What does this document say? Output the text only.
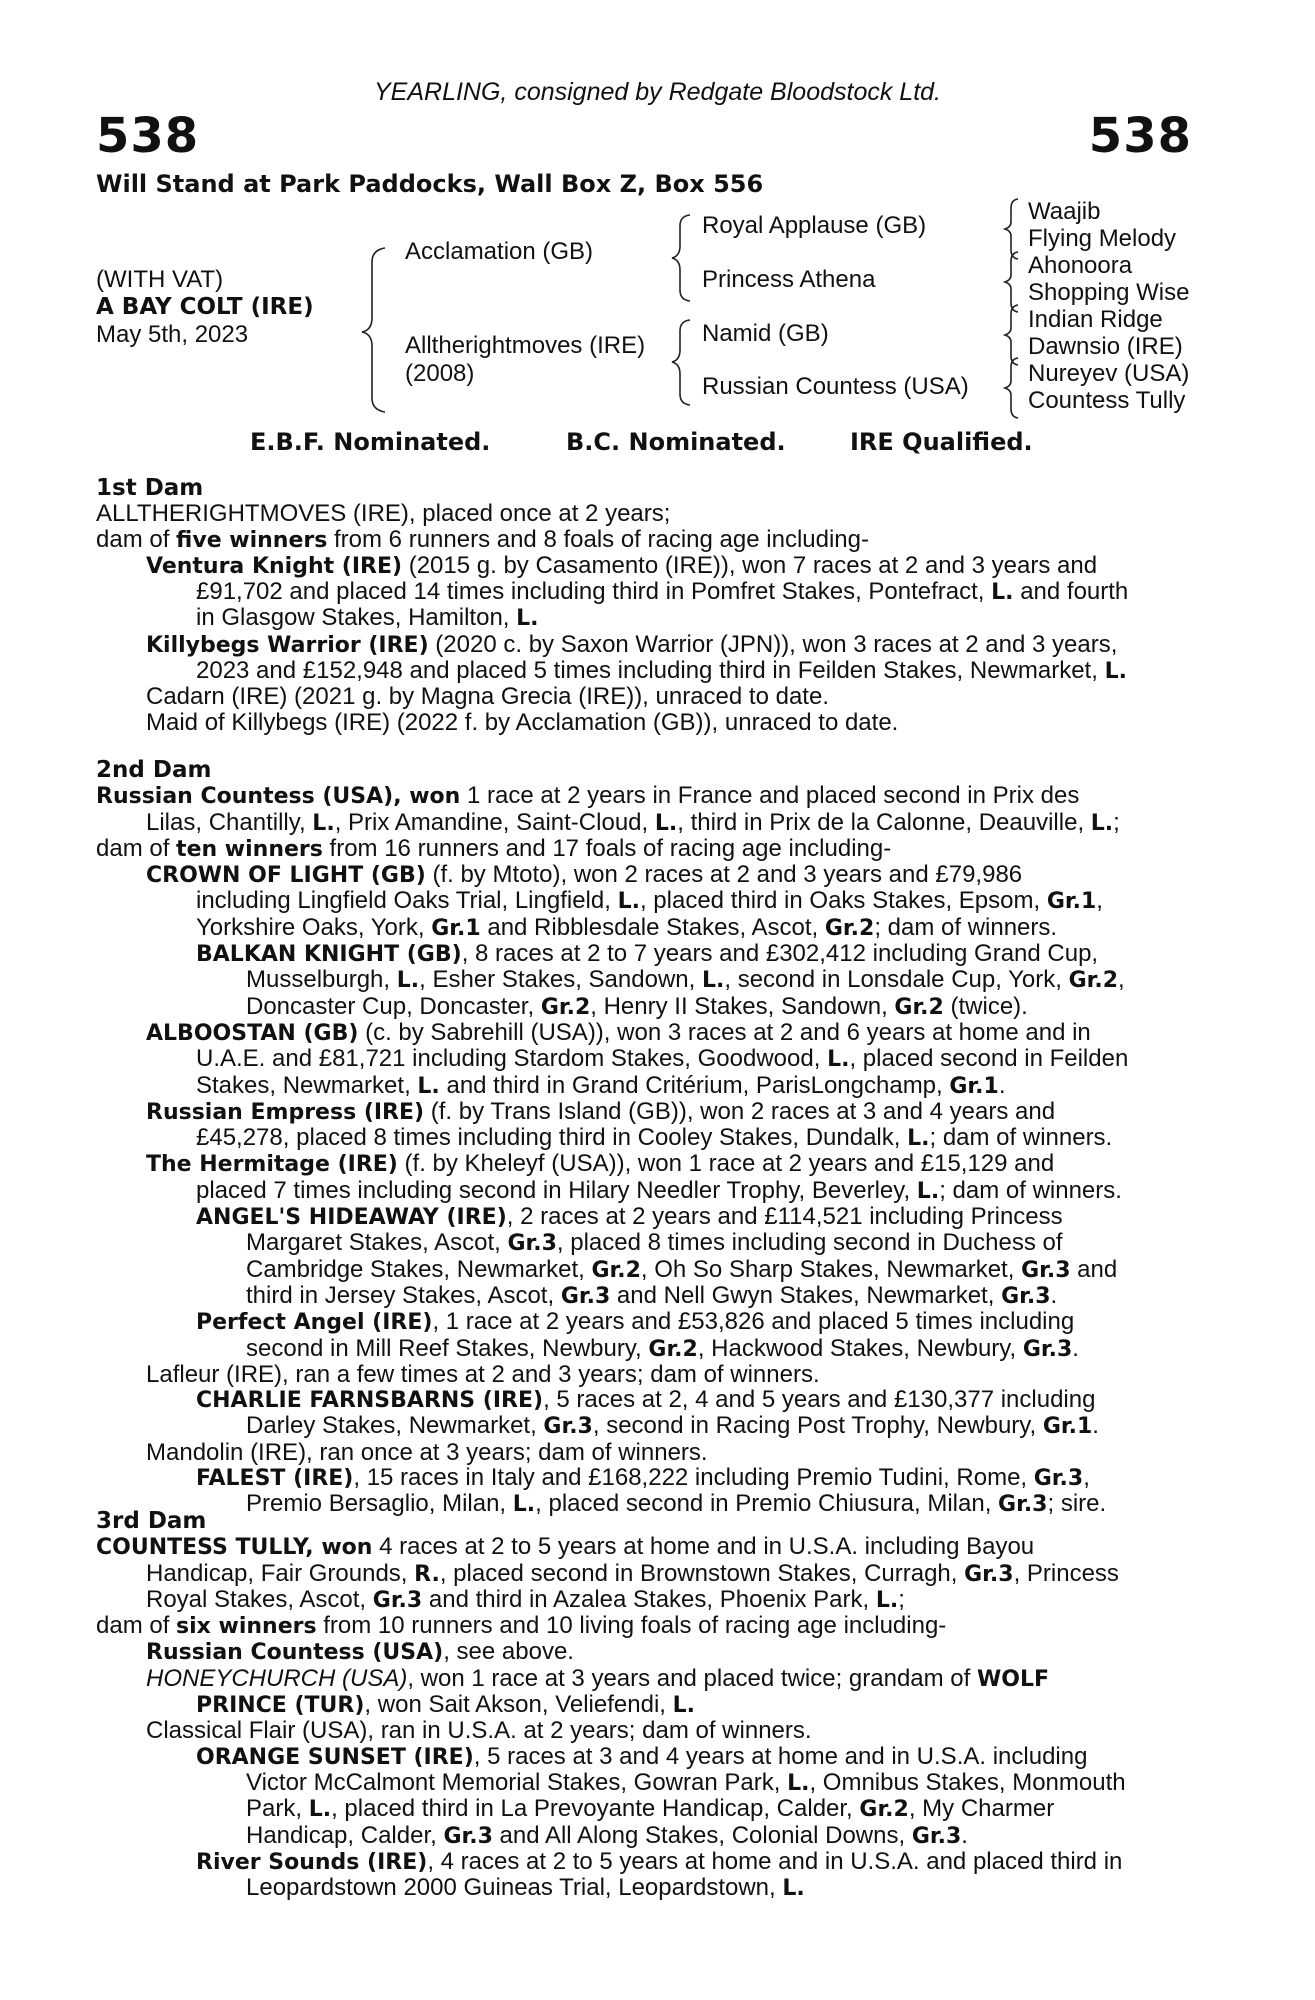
YEARLING, consigned by Redgate Bloodstock Ltd.
538	538
Will Stand at Park Paddocks, Wall Box Z, Box 556
(WITH VAT)
A BAY COLT (IRE)
May 5th, 2023
Acclamation (GB)
Alltherightmoves (IRE)
(2008)
Royal Applause (GB)
Princess Athena
Namid (GB)
Russian Countess (USA)
Waajib
Flying Melody
Ahonoora
Shopping Wise
Indian Ridge
Dawnsio (IRE)
Nureyev (USA)
Countess Tully
E.B.F. Nominated.	B.C. Nominated.	IRE Qualified.
1st Dam

ALLTHERIGHTMOVES (IRE), placed once at 2 years;

dam of five winners from 6 runners and 8 foals of racing age including-

Ventura Knight (IRE) (2015 g. by Casamento (IRE)), won 7 races at 2 and 3 years and

£91,702 and placed 14 times including third in Pomfret Stakes, Pontefract, L. and fourth

in Glasgow Stakes, Hamilton, L.

Killybegs Warrior (IRE) (2020 c. by Saxon Warrior (JPN)), won 3 races at 2 and 3 years,

2023 and £152,948 and placed 5 times including third in Feilden Stakes, Newmarket, L.

Cadarn (IRE) (2021 g. by Magna Grecia (IRE)), unraced to date.

Maid of Killybegs (IRE) (2022 f. by Acclamation (GB)), unraced to date.

2nd Dam

Russian Countess (USA), won 1 race at 2 years in France and placed second in Prix des

Lilas, Chantilly, L., Prix Amandine, Saint-Cloud, L., third in Prix de la Calonne, Deauville, L.;

dam of ten winners from 16 runners and 17 foals of racing age including-

CROWN OF LIGHT (GB) (f. by Mtoto), won 2 races at 2 and 3 years and £79,986

including Lingfield Oaks Trial, Lingfield, L., placed third in Oaks Stakes, Epsom, Gr.1,

Yorkshire Oaks, York, Gr.1 and Ribblesdale Stakes, Ascot, Gr.2; dam of winners.

BALKAN KNIGHT (GB), 8 races at 2 to 7 years and £302,412 including Grand Cup,

Musselburgh, L., Esher Stakes, Sandown, L., second in Lonsdale Cup, York, Gr.2,

Doncaster Cup, Doncaster, Gr.2, Henry II Stakes, Sandown, Gr.2 (twice).

ALBOOSTAN (GB) (c. by Sabrehill (USA)), won 3 races at 2 and 6 years at home and in

U.A.E. and £81,721 including Stardom Stakes, Goodwood, L., placed second in Feilden

Stakes, Newmarket, L. and third in Grand Critérium, ParisLongchamp, Gr.1.

Russian Empress (IRE) (f. by Trans Island (GB)), won 2 races at 3 and 4 years and

£45,278, placed 8 times including third in Cooley Stakes, Dundalk, L.; dam of winners.

The Hermitage (IRE) (f. by Kheleyf (USA)), won 1 race at 2 years and £15,129 and

placed 7 times including second in Hilary Needler Trophy, Beverley, L.; dam of winners.

ANGEL'S HIDEAWAY (IRE), 2 races at 2 years and £114,521 including Princess

Margaret Stakes, Ascot, Gr.3, placed 8 times including second in Duchess of

Cambridge Stakes, Newmarket, Gr.2, Oh So Sharp Stakes, Newmarket, Gr.3 and

third in Jersey Stakes, Ascot, Gr.3 and Nell Gwyn Stakes, Newmarket, Gr.3.

Perfect Angel (IRE), 1 race at 2 years and £53,826 and placed 5 times including

second in Mill Reef Stakes, Newbury, Gr.2, Hackwood Stakes, Newbury, Gr.3.

Lafleur (IRE), ran a few times at 2 and 3 years; dam of winners.

CHARLIE FARNSBARNS (IRE), 5 races at 2, 4 and 5 years and £130,377 including

Darley Stakes, Newmarket, Gr.3, second in Racing Post Trophy, Newbury, Gr.1.

Mandolin (IRE), ran once at 3 years; dam of winners.

FALEST (IRE), 15 races in Italy and £168,222 including Premio Tudini, Rome, Gr.3,

Premio Bersaglio, Milan, L., placed second in Premio Chiusura, Milan, Gr.3; sire.

3rd Dam

COUNTESS TULLY, won 4 races at 2 to 5 years at home and in U.S.A. including Bayou

Handicap, Fair Grounds, R., placed second in Brownstown Stakes, Curragh, Gr.3, Princess

Royal Stakes, Ascot, Gr.3 and third in Azalea Stakes, Phoenix Park, L.;

dam of six winners from 10 runners and 10 living foals of racing age including-

Russian Countess (USA), see above.

HONEYCHURCH (USA), won 1 race at 3 years and placed twice; grandam of WOLF

PRINCE (TUR), won Sait Akson, Veliefendi, L.

Classical Flair (USA), ran in U.S.A. at 2 years; dam of winners.

ORANGE SUNSET (IRE), 5 races at 3 and 4 years at home and in U.S.A. including

Victor McCalmont Memorial Stakes, Gowran Park, L., Omnibus Stakes, Monmouth

Park, L., placed third in La Prevoyante Handicap, Calder, Gr.2, My Charmer

Handicap, Calder, Gr.3 and All Along Stakes, Colonial Downs, Gr.3.

River Sounds (IRE), 4 races at 2 to 5 years at home and in U.S.A. and placed third in

Leopardstown 2000 Guineas Trial, Leopardstown, L.
